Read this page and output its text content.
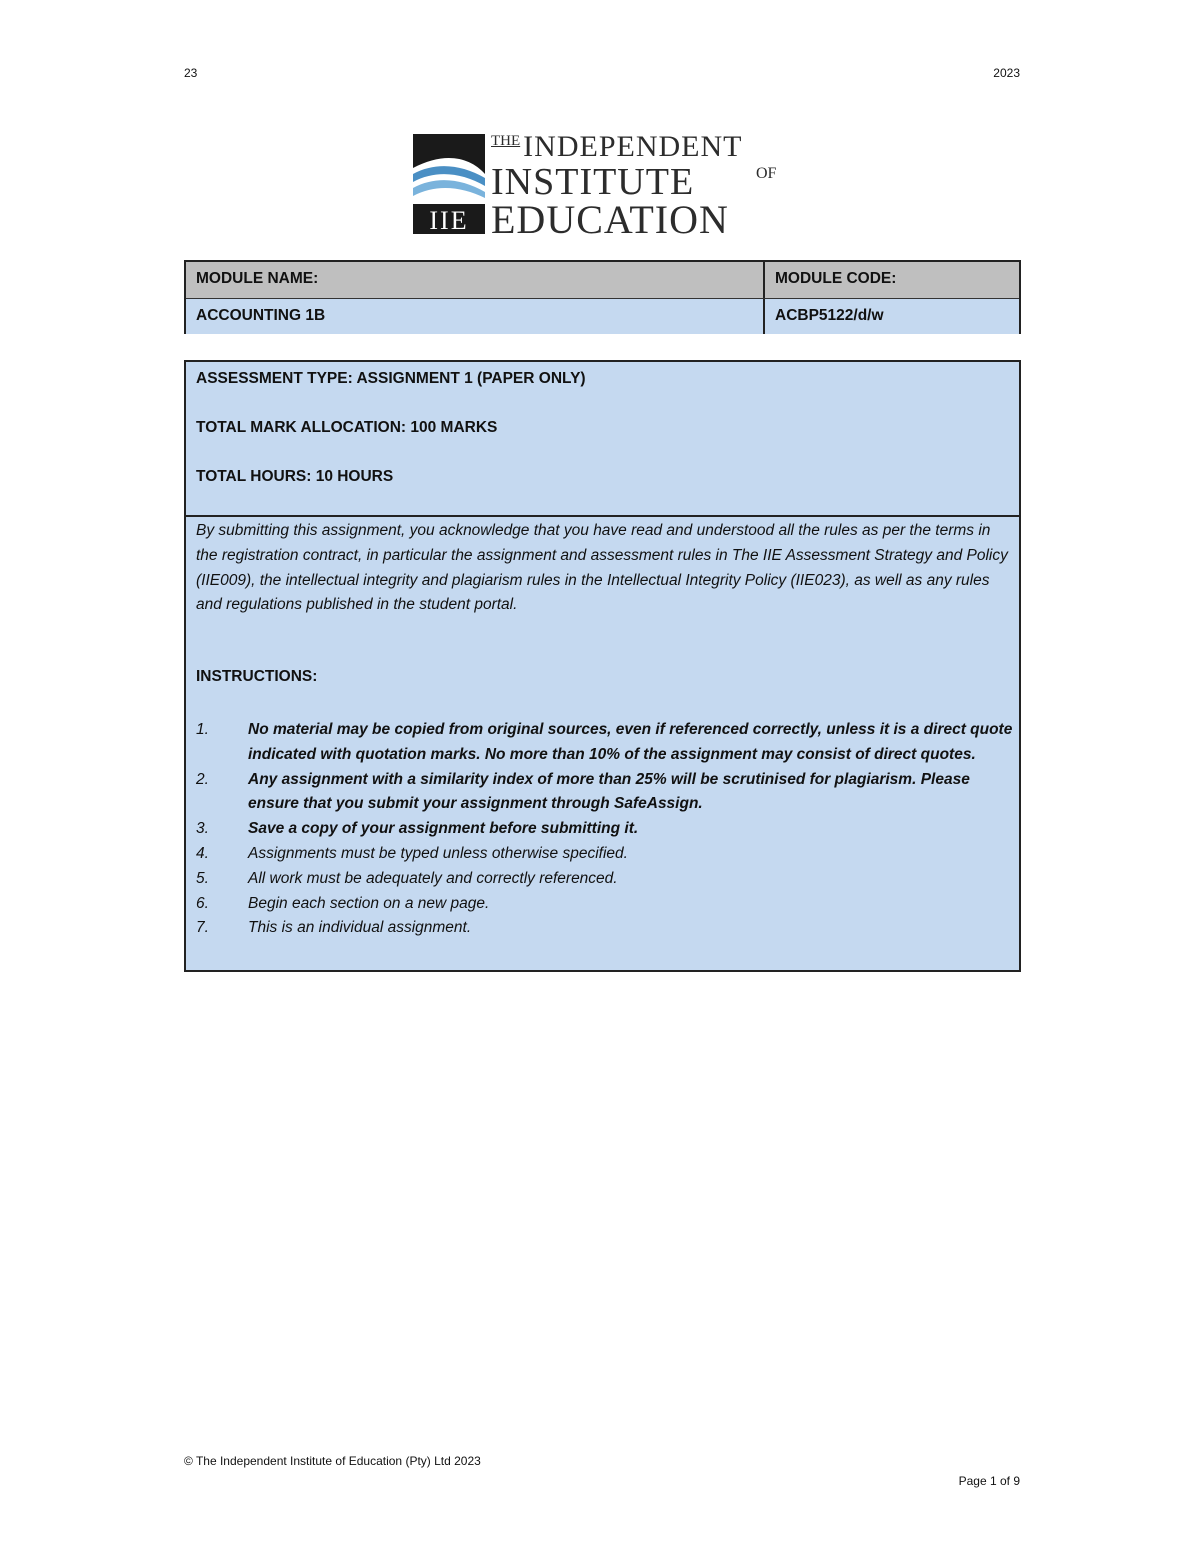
23	2023
IIE
$^{THE}$ INDEPENDENT
INSTITUTE	OF
EDUCATION
MODULE NAME:	MODULE CODE:
ACCOUNTING 1B	ACBP5122/d/w
ASSESSMENT TYPE: ASSIGNMENT 1 (PAPER ONLY)
TOTAL MARK ALLOCATION: 100 MARKS
TOTAL HOURS: 10 HOURS
By submitting this assignment, you acknowledge that you have read and understood all the rules as per the terms in the registration contract, in particular the assignment and assessment rules in The IIE Assessment Strategy and Policy (IIE009), the intellectual integrity and plagiarism rules in the Intellectual Integrity Policy (IIE023), as well as any rules and regulations published in the student portal.
INSTRUCTIONS:
1.	No material may be copied from original sources, even if referenced correctly, unless it is a direct quote indicated with quotation marks. No more than 10% of the assignment may consist of direct quotes.
2.	Any assignment with a similarity index of more than 25% will be scrutinised for plagiarism. Please ensure that you submit your assignment through SafeAssign.
3.	Save a copy of your assignment before submitting it.
4.	Assignments must be typed unless otherwise specified.
5.	All work must be adequately and correctly referenced.
6.	Begin each section on a new page.
7.	This is an individual assignment.
© The Independent Institute of Education (Pty) Ltd 2023
Page 1 of 9
